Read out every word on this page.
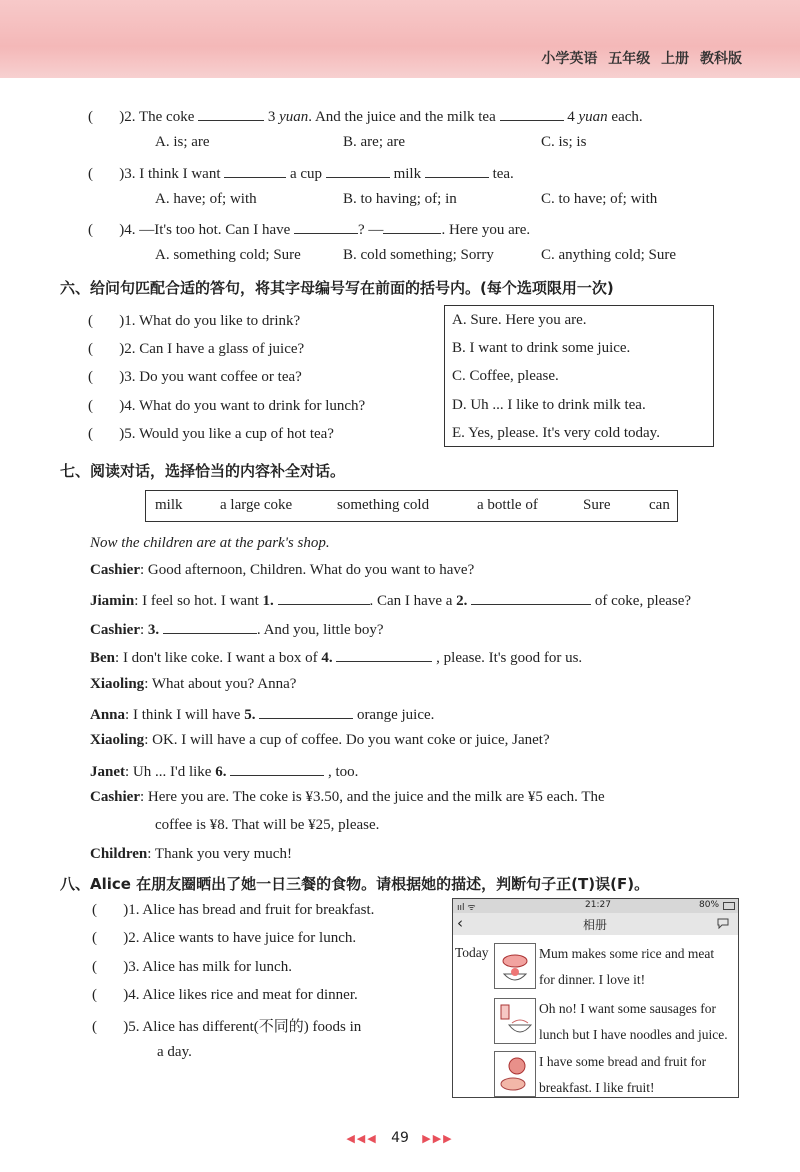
小学英语 五年级 上册 教科版
(       )2. The coke	3 yuan. And the juice and the milk tea	4 yuan each.
A. is; are	B. are; are	C. is; is
(       )3. I think I want	a cup	milk	tea.
A. have; of; with	B. to having; of; in	C. to have; of; with
(       )4. —It's too hot. Can I have	? —	. Here you are.
A. something cold; Sure	B. cold something; Sorry	C. anything cold; Sure
六、给问句匹配合适的答句，将其字母编号写在前面的括号内。(每个选项限用一次)
(       )1. What do you like to drink?
(       )2. Can I have a glass of juice?
(       )3. Do you want coffee or tea?
(       )4. What do you want to drink for lunch?
(       )5. Would you like a cup of hot tea?
A. Sure. Here you are.
B. I want to drink some juice.
C. Coffee, please.
D. Uh ... I like to drink milk tea.
E. Yes, please. It's very cold today.
七、阅读对话，选择恰当的内容补全对话。
milk a large coke	something cold	a bottle of	Sure	can
Now the children are at the park's shop.
Cashier: Good afternoon, Children. What do you want to have?
Jiamin: I feel so hot. I want 1.	. Can I have a 2.	of coke, please?
Cashier: 3.	. And you, little boy?
Ben: I don't like coke. I want a box of 4.	, please. It's good for us.
Xiaoling: What about you? Anna?
Anna: I think I will have 5.	orange juice.
Xiaoling: OK. I will have a cup of coffee. Do you want coke or juice, Janet?
Janet: Uh ... I'd like 6.	, too.
Cashier: Here you are. The coke is ¥3.50, and the juice and the milk are ¥5 each. The
coffee is ¥8. That will be ¥25, please.
Children: Thank you very much!
八、Alice 在朋友圈晒出了她一日三餐的食物。请根据她的描述，判断句子正(T)误(F)。
(       )1. Alice has bread and fruit for breakfast.
(       )2. Alice wants to have juice for lunch.
(       )3. Alice has milk for lunch.
(       )4. Alice likes rice and meat for dinner.
(       )5. Alice has different(不同的) foods in
a day.
ııl ᯤ	21:27	80%
‹	相册
Today	Mum makes some rice and meat
for dinner. I love it!
Oh no! I want some sausages for
lunch but I have noodles and juice.
I have some bread and fruit for
breakfast. I like fruit!
◀◀◀ 49 ▶▶▶
